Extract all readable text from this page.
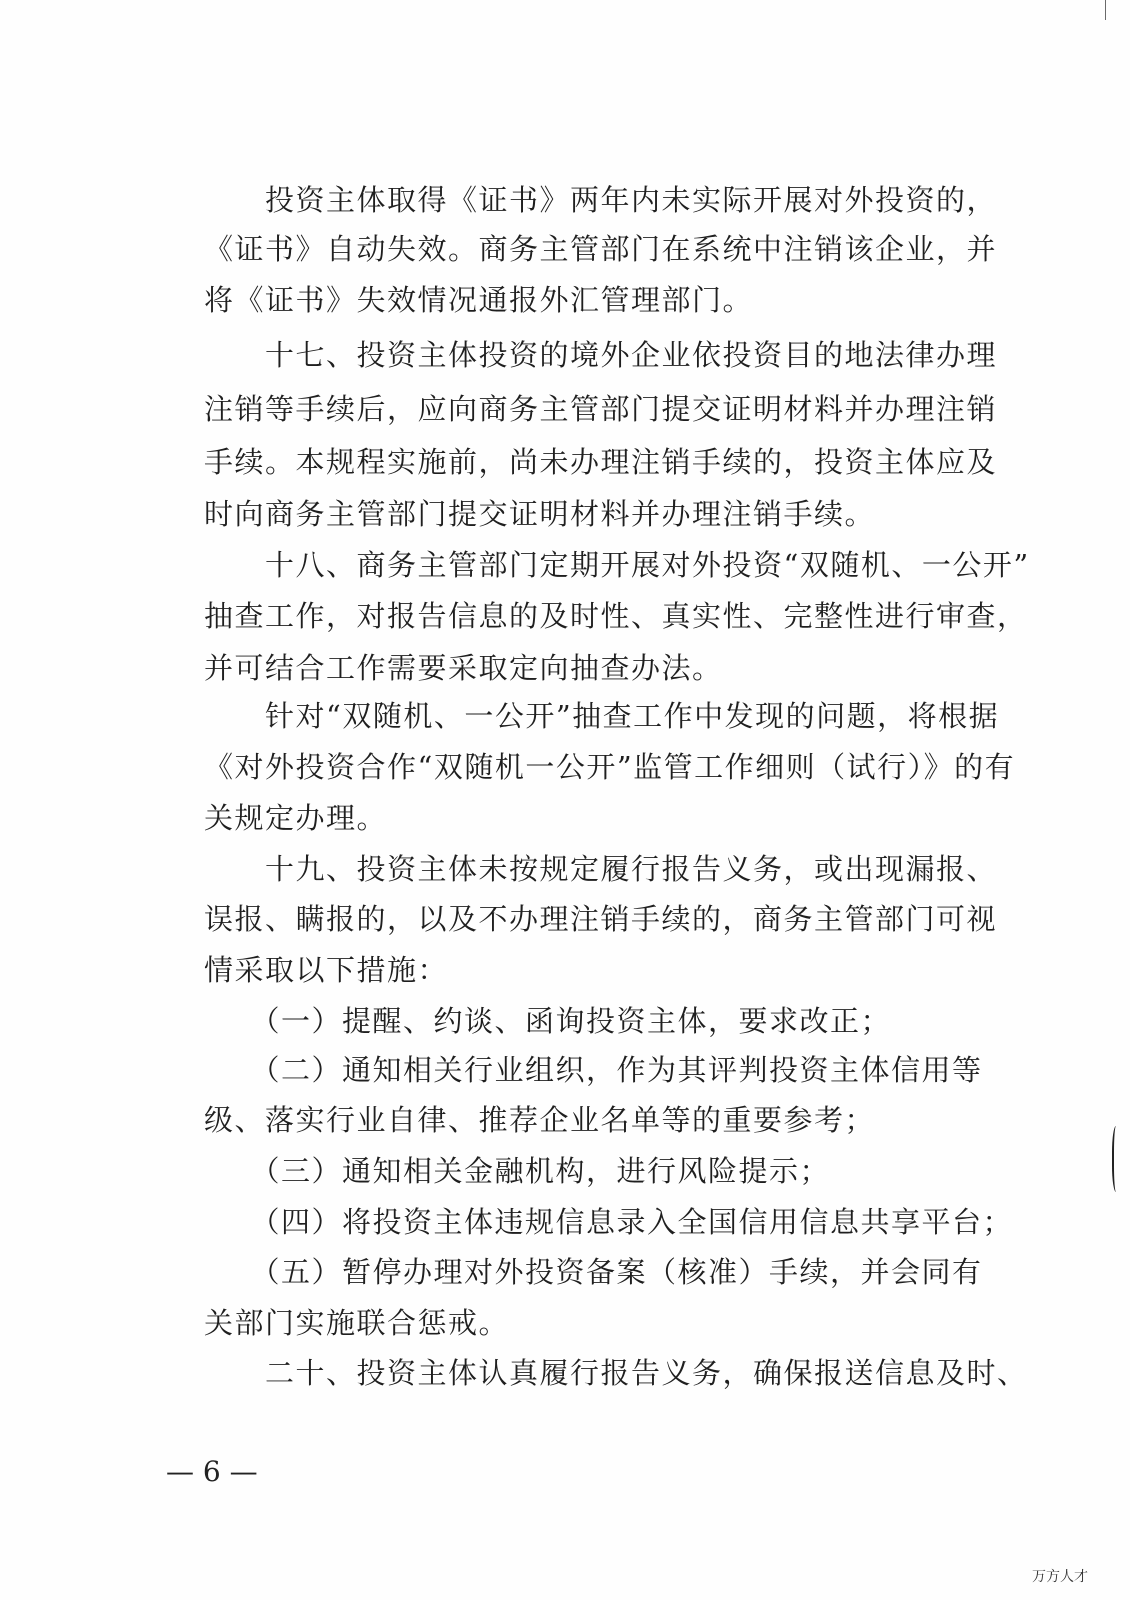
　　投资主体取得《证书》两年内未实际开展对外投资的，
《证书》自动失效。商务主管部门在系统中注销该企业，并
将《证书》失效情况通报外汇管理部门。
　　十七、投资主体投资的境外企业依投资目的地法律办理
注销等手续后，应向商务主管部门提交证明材料并办理注销
手续。本规程实施前，尚未办理注销手续的，投资主体应及
时向商务主管部门提交证明材料并办理注销手续。
　　十八、商务主管部门定期开展对外投资“双随机、一公开”
抽查工作，对报告信息的及时性、真实性、完整性进行审查，
并可结合工作需要采取定向抽查办法。
　　针对“双随机、一公开”抽查工作中发现的问题，将根据
《对外投资合作“双随机一公开”监管工作细则（试行）》的有
关规定办理。
　　十九、投资主体未按规定履行报告义务，或出现漏报、
误报、瞒报的，以及不办理注销手续的，商务主管部门可视
情采取以下措施：
　　（一）提醒、约谈、函询投资主体，要求改正；
　　（二）通知相关行业组织，作为其评判投资主体信用等
级、落实行业自律、推荐企业名单等的重要参考；
　　（三）通知相关金融机构，进行风险提示；
　　（四）将投资主体违规信息录入全国信用信息共享平台；
　　（五）暂停办理对外投资备案（核准）手续，并会同有
关部门实施联合惩戒。
　　二十、投资主体认真履行报告义务，确保报送信息及时、
— 6 —
万方人才
